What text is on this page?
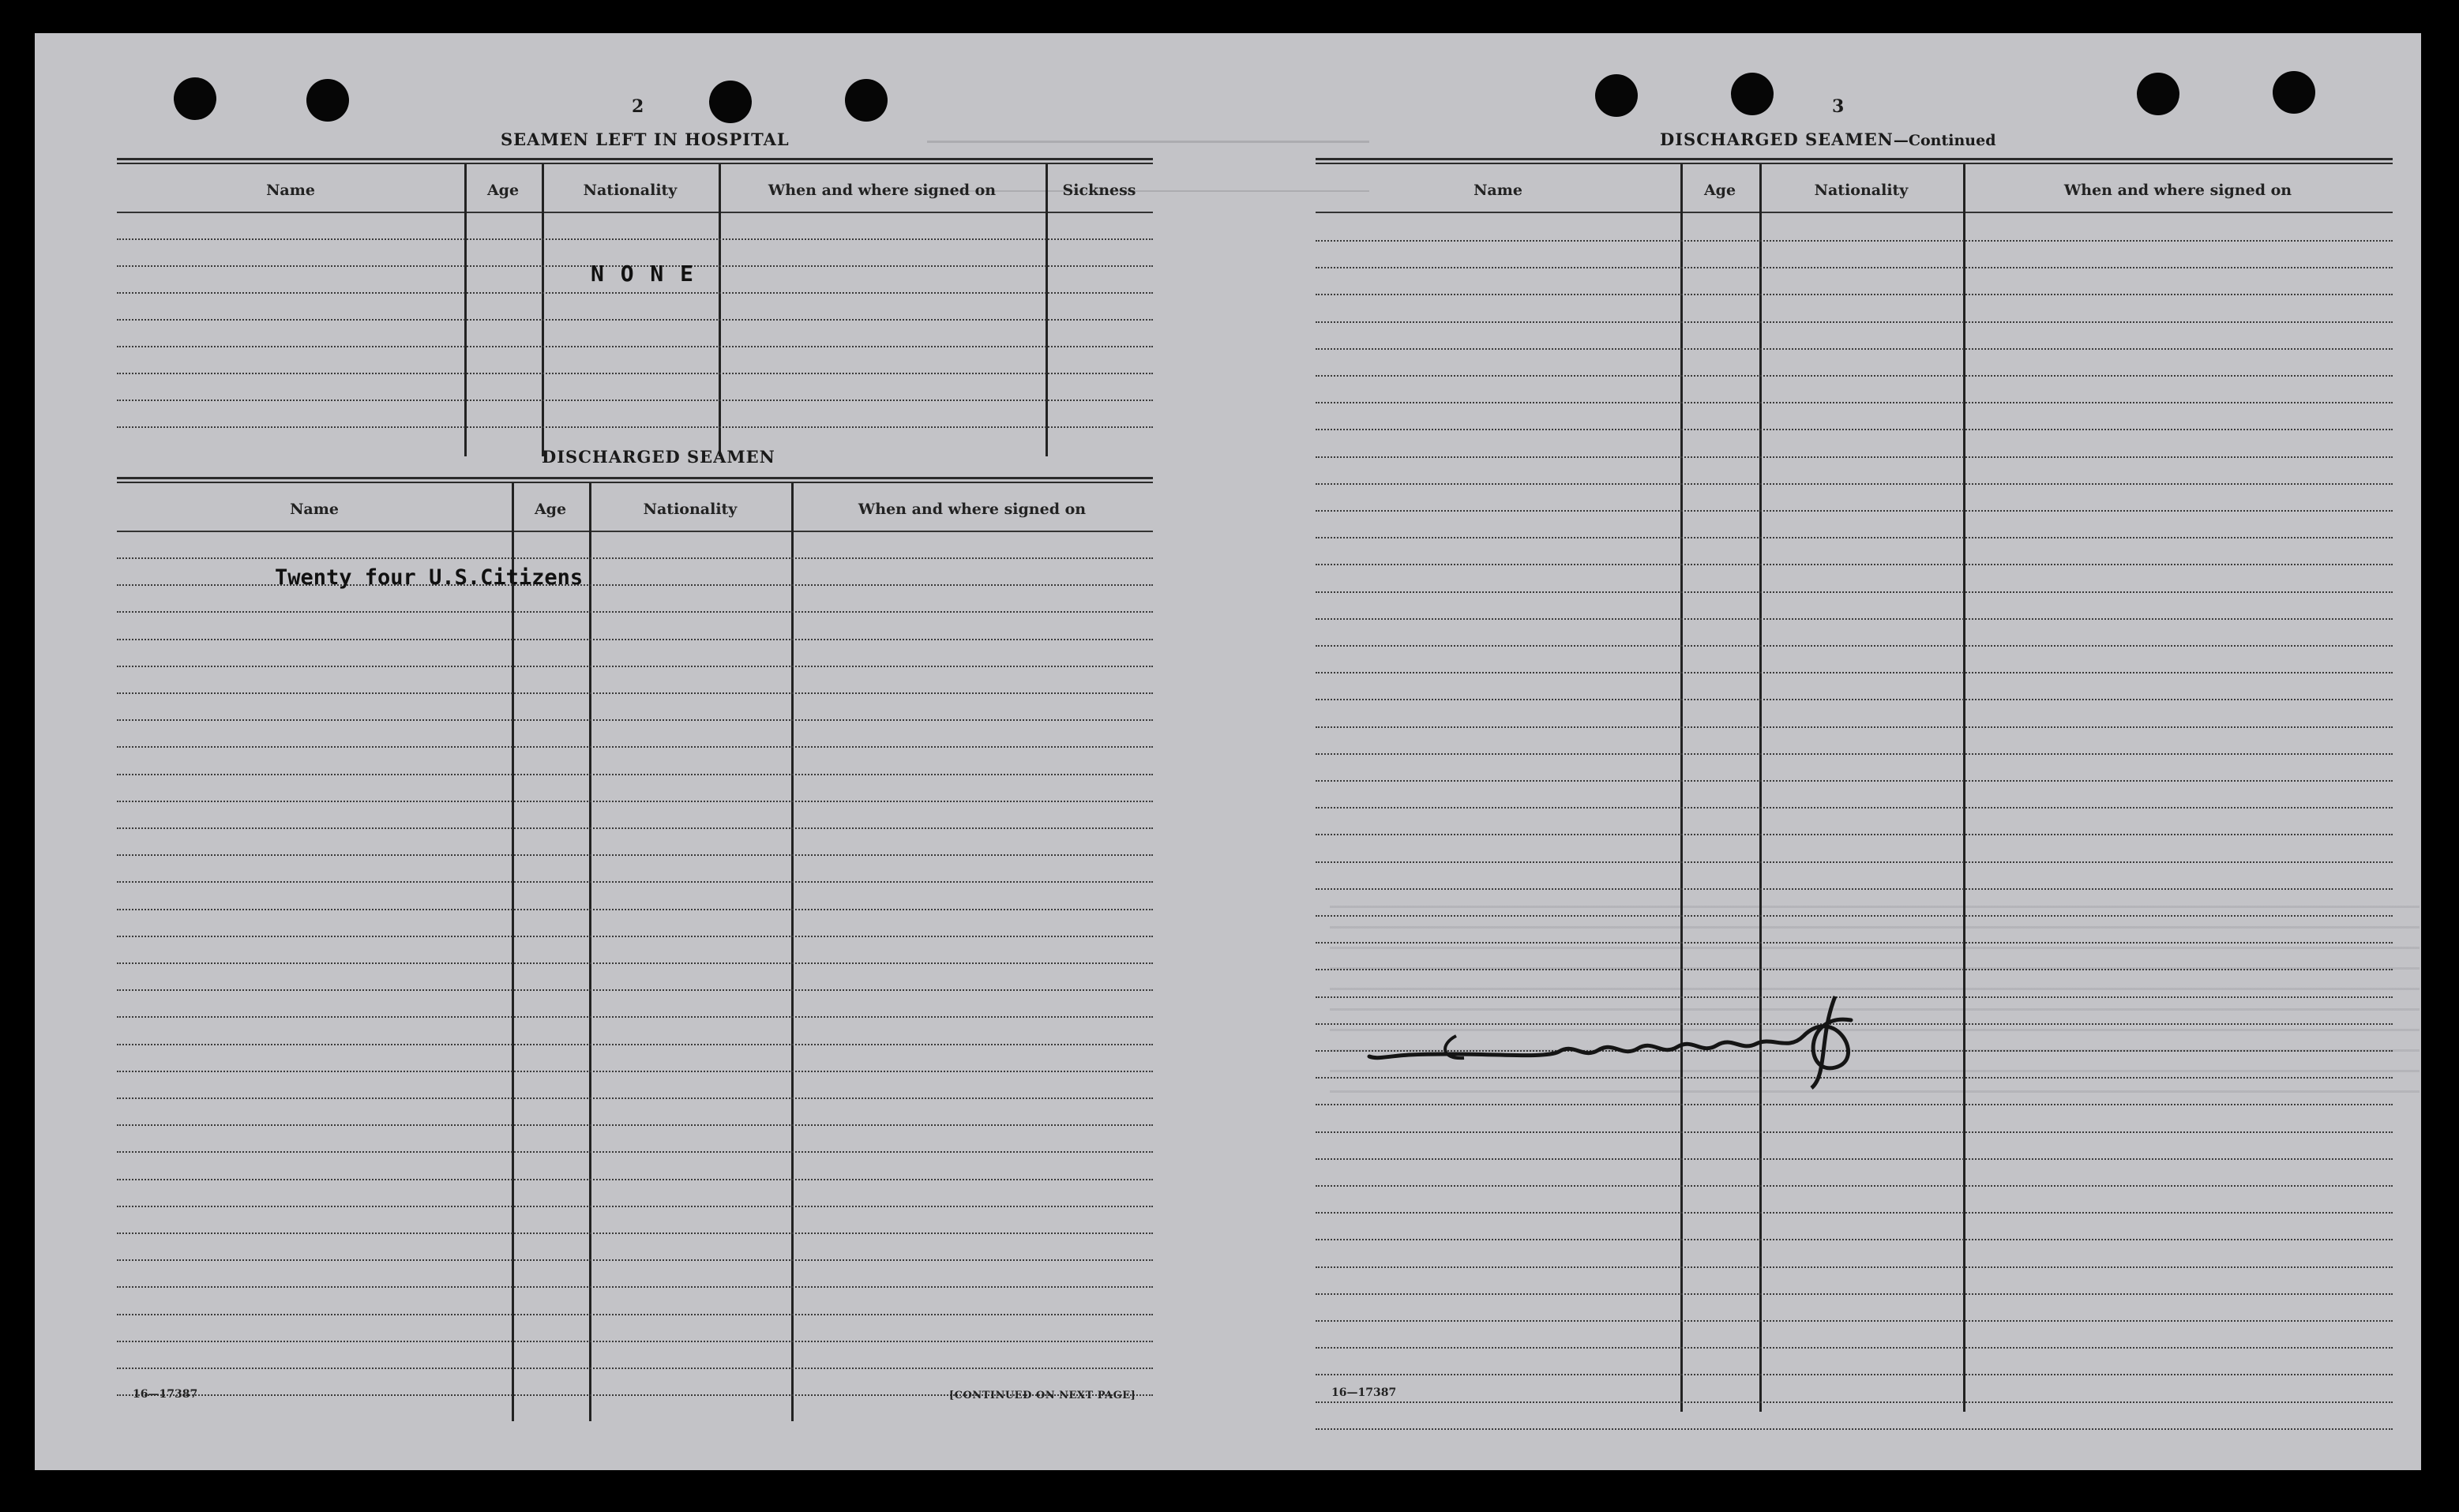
2
SEAMEN LEFT IN HOSPITAL
Name	Age	Nationality	When and where signed on	Sickness
N O N E
DISCHARGED SEAMEN
Name	Age	Nationality	When and where signed on
Twenty four U.S.Citizens
16—17387	[CONTINUED ON NEXT PAGE]
3
DISCHARGED SEAMEN—Continued
Name	Age	Nationality	When and where signed on
16—17387
